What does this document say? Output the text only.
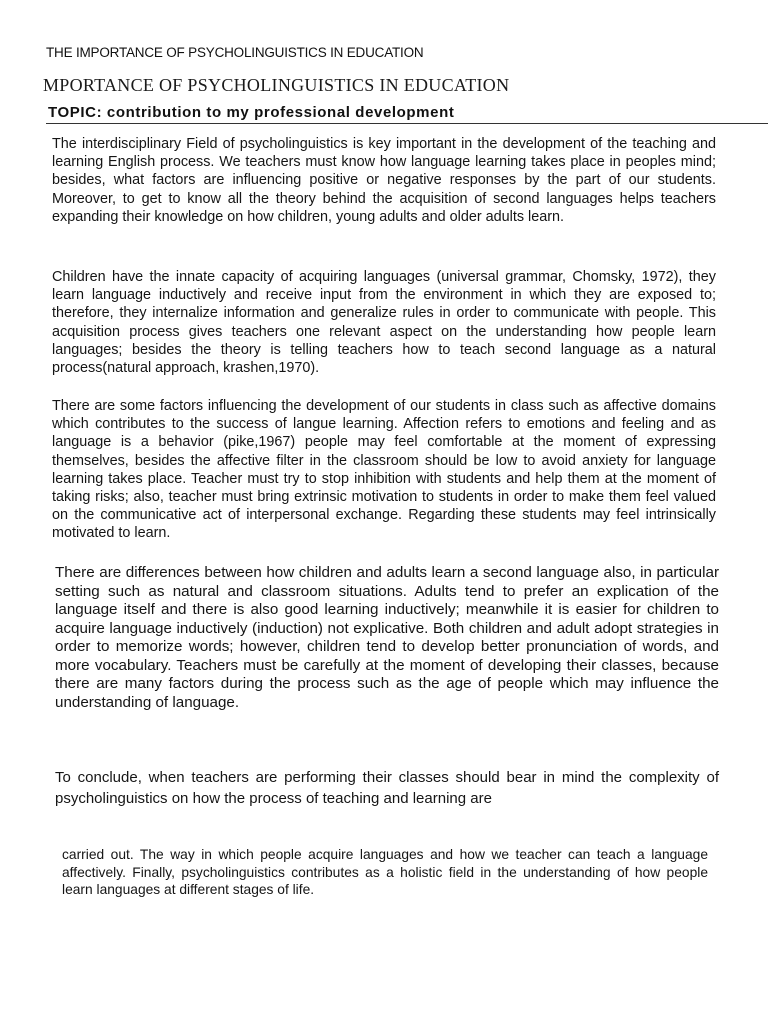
THE IMPORTANCE OF PSYCHOLINGUISTICS IN EDUCATION
MPORTANCE OF PSYCHOLINGUISTICS IN EDUCATION
TOPIC: contribution to my professional development

The interdisciplinary Field of psycholinguistics is key important in the development of the teaching and learning English process. We teachers must know how language learning takes place in peoples mind; besides, what factors are influencing positive or negative responses by the part of our students. Moreover, to get to know all the theory behind the acquisition of second languages helps teachers expanding their knowledge on how children, young adults and older adults learn.

Children have the innate capacity of acquiring languages (universal grammar, Chomsky, 1972), they learn language inductively and receive input from the environment in which they are exposed to; therefore, they internalize information and generalize rules in order to communicate with people. This acquisition process gives teachers one relevant aspect on the understanding how people learn languages; besides the theory is telling teachers how to teach second language as a natural process(natural approach, krashen,1970).

There are some factors influencing the development of our students in class such as affective domains which contributes to the success of langue learning. Affection refers to emotions and feeling and as language is a behavior (pike,1967) people may feel comfortable at the moment of expressing themselves, besides the affective filter in the classroom should be low to avoid anxiety for language learning takes place. Teacher must try to stop inhibition with students and help them at the moment of taking risks; also, teacher must bring extrinsic motivation to students in order to make them feel valued on the communicative act of interpersonal exchange. Regarding these students may feel intrinsically motivated to learn.

There are differences between how children and adults learn a second language also, in particular setting such as natural and classroom situations. Adults tend to prefer an explication of the language itself and there is also good learning inductively; meanwhile it is easier for children to acquire language inductively (induction) not explicative. Both children and adult adopt strategies in order to memorize words; however, children tend to develop better pronunciation of words, and more vocabulary. Teachers must be carefully at the moment of developing their classes, because there are many factors during the process such as the age of people which may influence the understanding of language.

To conclude, when teachers are performing their classes should bear in mind the complexity of psycholinguistics on how the process of teaching and learning are

carried out. The way in which people acquire languages and how we teacher can teach a language affectively. Finally, psycholinguistics contributes as a holistic field in the understanding of how people learn languages at different stages of life.
